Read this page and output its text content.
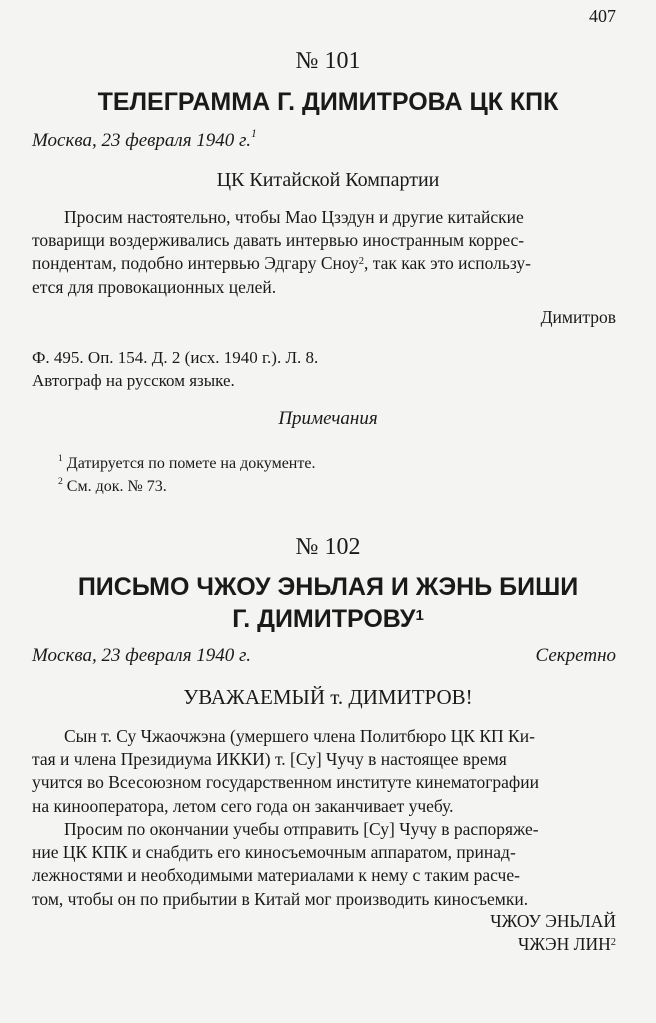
407
№ 101
ТЕЛЕГРАММА Г. ДИМИТРОВА ЦК КПК
Москва, 23 февраля 1940 г.$^1$
ЦК Китайской Компартии
Просим настоятельно, чтобы Мао Цзэдун и другие китайские
товарищи воздерживались давать интервью иностранным коррес-
пондентам, подобно интервью Эдгару Сноу$^2$, так как это использу-
ется для провокационных целей.
Димитров
Ф. 495. Оп. 154. Д. 2 (исх. 1940 г.). Л. 8.
Автограф на русском языке.
Примечания
$^1$ Датируется по помете на документе.
$^2$ См. док. № 73.
№ 102
ПИСЬМО ЧЖОУ ЭНЬЛАЯ И ЖЭНЬ БИШИ
Г. ДИМИТРОВУ$^1$
Москва, 23 февраля 1940 г.	Секретно
УВАЖАЕМЫЙ т. ДИМИТРОВ!
Сын т. Су Чжаочжэна (умершего члена Политбюро ЦК КП Ки-
тая и члена Президиума ИККИ) т. [Су] Чучу в настоящее время
учится во Всесоюзном государственном институте кинематографии
на кинооператора, летом сего года он заканчивает учебу.
Просим по окончании учебы отправить [Су] Чучу в распоряже-
ние ЦК КПК и снабдить его киносъемочным аппаратом, принад-
лежностями и необходимыми материалами к нему с таким расче-
том, чтобы он по прибытии в Китай мог производить киносъемки.
ЧЖОУ ЭНЬЛАЙ
ЧЖЭН ЛИН$^2$
